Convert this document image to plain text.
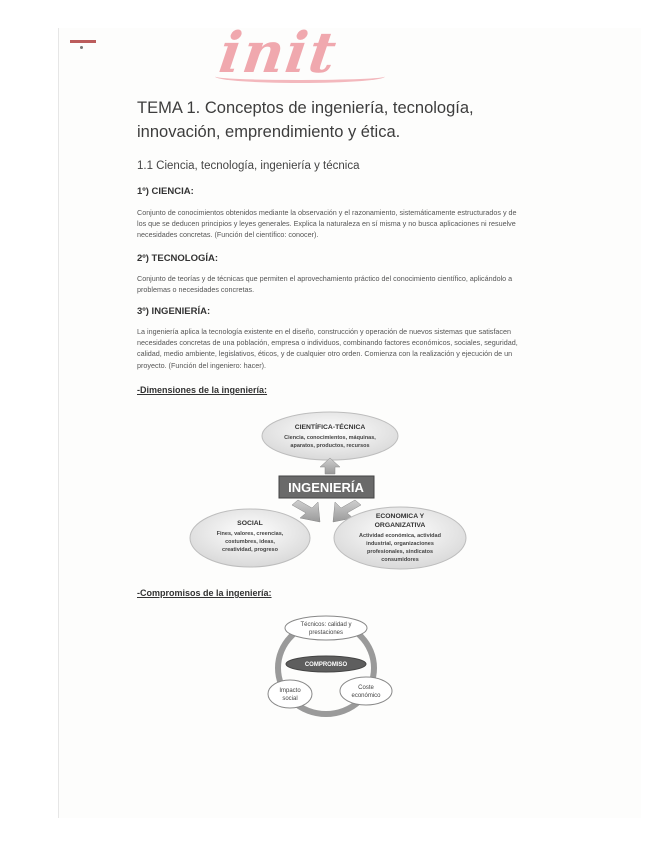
init
TEMA 1. Conceptos de ingeniería, tecnología, innovación, emprendimiento y ética.
1.1 Ciencia, tecnología, ingeniería y técnica
1º) CIENCIA:
Conjunto de conocimientos obtenidos mediante la observación y el razonamiento, sistemáticamente estructurados y de los que se deducen principios y leyes generales. Explica la naturaleza en sí misma y no busca aplicaciones ni resuelve necesidades concretas. (Función del científico: conocer).
2º) TECNOLOGÍA:
Conjunto de teorías y de técnicas que permiten el aprovechamiento práctico del conocimiento científico, aplicándolo a problemas o necesidades concretas.
3º) INGENIERÍA:
La ingeniería aplica la tecnología existente en el diseño, construcción y operación de nuevos sistemas que satisfacen necesidades concretas de una población, empresa o individuos, combinando factores económicos, sociales, seguridad, calidad, medio ambiente, legislativos, éticos, y de cualquier otro orden. Comienza con la realización y ejecución de un proyecto. (Función del ingeniero: hacer).
-Dimensiones de la ingeniería:
CIENTÍFICA-TÉCNICA
Ciencia, conocimientos, máquinas,
aparatos, productos, recursos
INGENIERÍA
SOCIAL
Fines, valores, creencias,
costumbres, ideas,
creatividad, progreso
ECONOMICA Y
ORGANIZATIVA
Actividad económica, actividad
industrial, organizaciones
profesionales, sindicatos
consumidores
-Compromisos de la ingeniería:
Técnicos: calidad y
prestaciones
COMPROMISO
Impacto
social
Coste
económico
